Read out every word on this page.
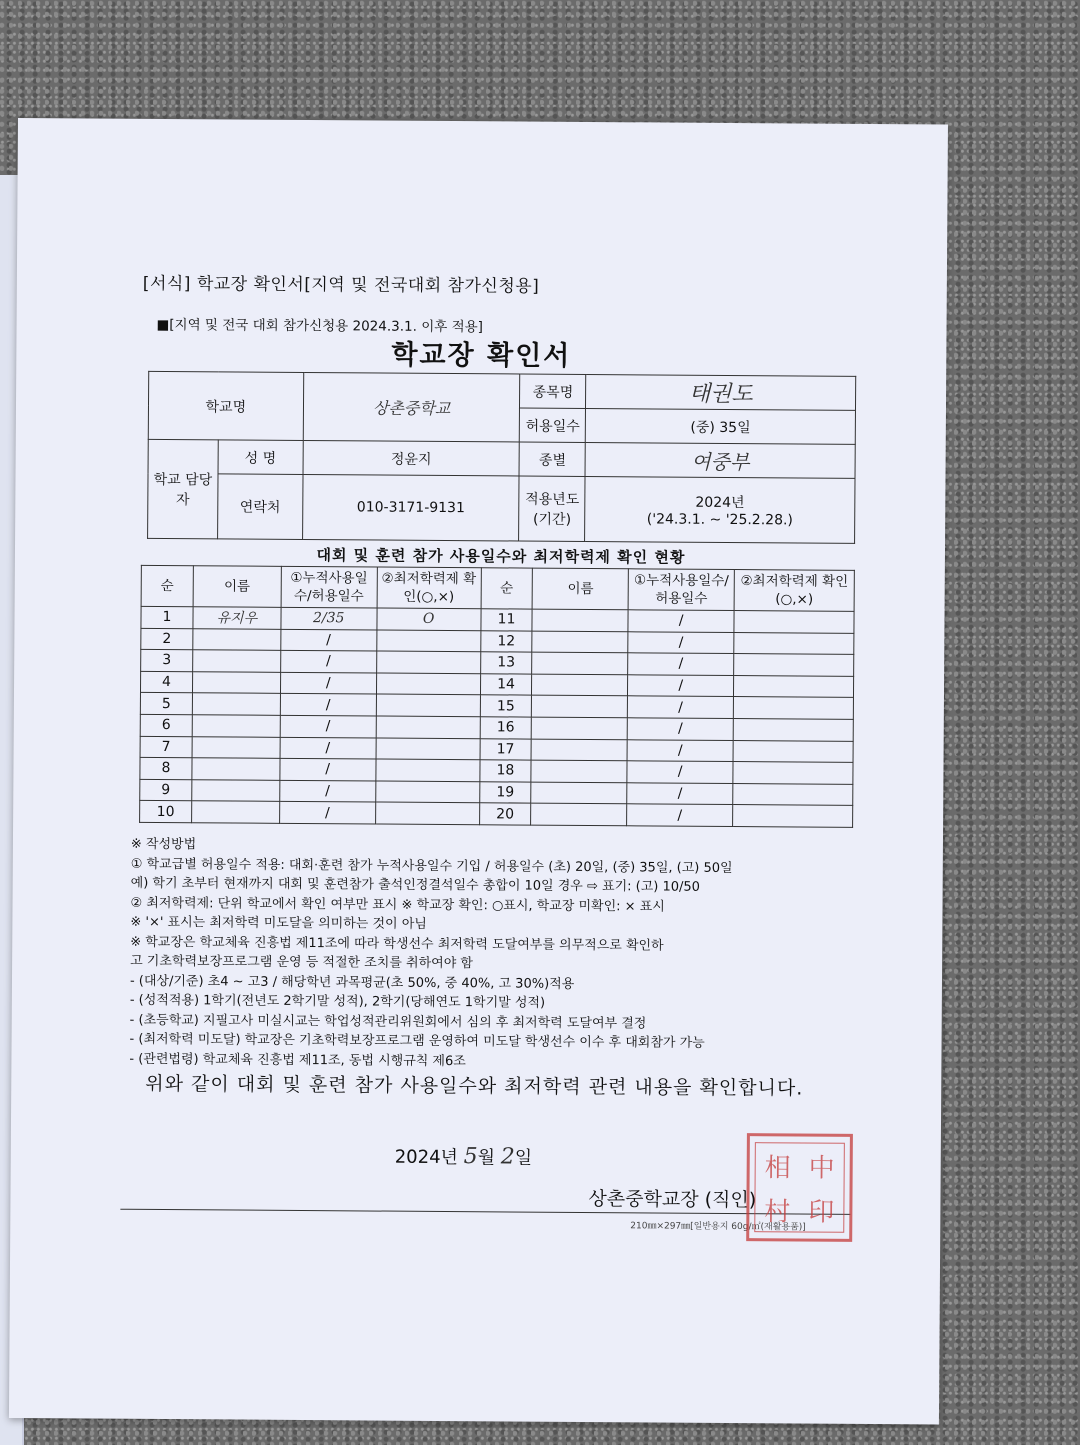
[서식] 학교장 확인서[지역 및 전국대회 참가신청용]
■[지역 및 전국 대회 참가신청용 2024.3.1. 이후 적용]
학교장 확인서
학교명		상촌중학교	종목명	태권도
			허용일수	(중) 35일
학교 담당자	성 명	정윤지	종별	여중부
	연락처	010-3171-9131	적용년도 (기간)	2024년
('24.3.1. ~ '25.2.28.)
대회 및 훈련 참가 사용일수와 최저학력제 확인 현황
순	이름	①누적사용일수/허용일수	②최저학력제 확인(○,×)	순	이름	①누적사용일수/허용일수	②최저학력제 확인(○,×)
1	유지우	2/35	O	11		/	
2		/		12		/	
3		/		13		/	
4		/		14		/	
5		/		15		/	
6		/		16		/	
7		/		17		/	
8		/		18		/	
9		/		19		/	
10		/		20		/	
※ 작성방법
① 학교급별 허용일수 적용: 대회·훈련 참가 누적사용일수 기입 / 허용일수 (초) 20일, (중) 35일, (고) 50일
예) 학기 초부터 현재까지 대회 및 훈련참가 출석인정결석일수 총합이 10일 경우 ⇨ 표기: (고) 10/50
② 최저학력제: 단위 학교에서 확인 여부만 표시 ※ 학교장 확인: ○표시, 학교장 미확인: × 표시
※ '×' 표시는 최저학력 미도달을 의미하는 것이 아님
※ 학교장은 학교체육 진흥법 제11조에 따라 학생선수 최저학력 도달여부를 의무적으로 확인하
고 기초학력보장프로그램 운영 등 적절한 조치를 취하여야 함
- (대상/기준) 초4 ~ 고3 / 해당학년 과목평균(초 50%, 중 40%, 고 30%)적용
- (성적적용) 1학기(전년도 2학기말 성적), 2학기(당해연도 1학기말 성적)
- (초등학교) 지필고사 미실시교는 학업성적관리위원회에서 심의 후 최저학력 도달여부 결정
- (최저학력 미도달) 학교장은 기초학력보장프로그램 운영하여 미도달 학생선수 이수 후 대회참가 가능
- (관련법령) 학교체육 진흥법 제11조, 동법 시행규칙 제6조
위와 같이 대회 및 훈련 참가 사용일수와 최저학력 관련 내용을 확인합니다.
2024년 5월 2일
상촌중학교장 (직인)
210㎜×297㎜[일반용지 60g/㎡(재활용품)]
相 中
村 印
